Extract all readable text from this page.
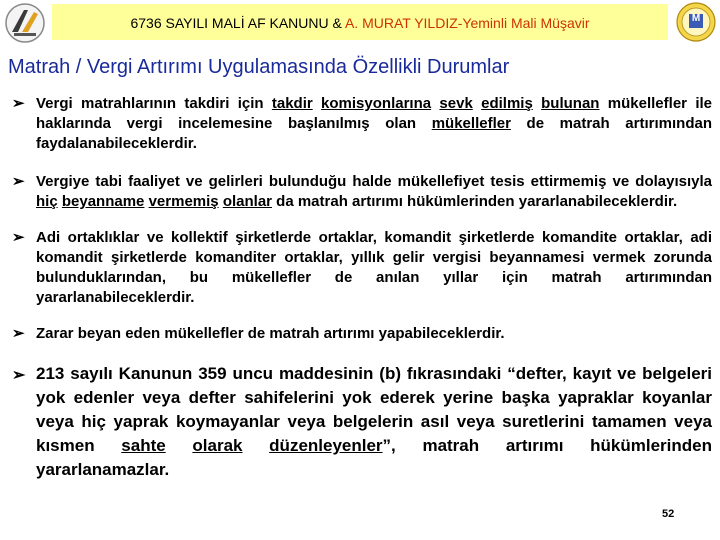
6736 SAYILI MALİ AF KANUNU & A. MURAT YILDIZ-Yeminli Mali Müşavir	M
Matrah / Vergi Artırımı Uygulamasında Özellikli Durumlar
➢ Vergi matrahlarının takdiri için takdir komisyonlarına sevk edilmiş bulunan mükellefler ile haklarında vergi incelemesine başlanılmış olan mükellefler de matrah artırımından faydalanabileceklerdir.

➢ Vergiye tabi faaliyet ve gelirleri bulunduğu halde mükellefiyet tesis ettirmemiş ve dolayısıyla hiç beyanname vermemiş olanlar da matrah artırımı hükümlerinden yararlanabileceklerdir.

➢ Adi ortaklıklar ve kollektif şirketlerde ortaklar, komandit şirketlerde komandite ortaklar, adi komandit şirketlerde komanditer ortaklar, yıllık gelir vergisi beyannamesi vermek zorunda bulunduklarından, bu mükellefler de anılan yıllar için matrah artırımından yararlanabileceklerdir.

➢ Zarar beyan eden mükellefler de matrah artırımı yapabileceklerdir.

➢ 213 sayılı Kanunun 359 uncu maddesinin (b) fıkrasındaki “defter, kayıt ve belgeleri yok edenler veya defter sahifelerini yok ederek yerine başka yapraklar koyanlar veya hiç yaprak koymayanlar veya belgelerin asıl veya suretlerini tamamen veya kısmen sahte olarak düzenleyenler”, matrah artırımı hükümlerinden yararlanamazlar.

52
